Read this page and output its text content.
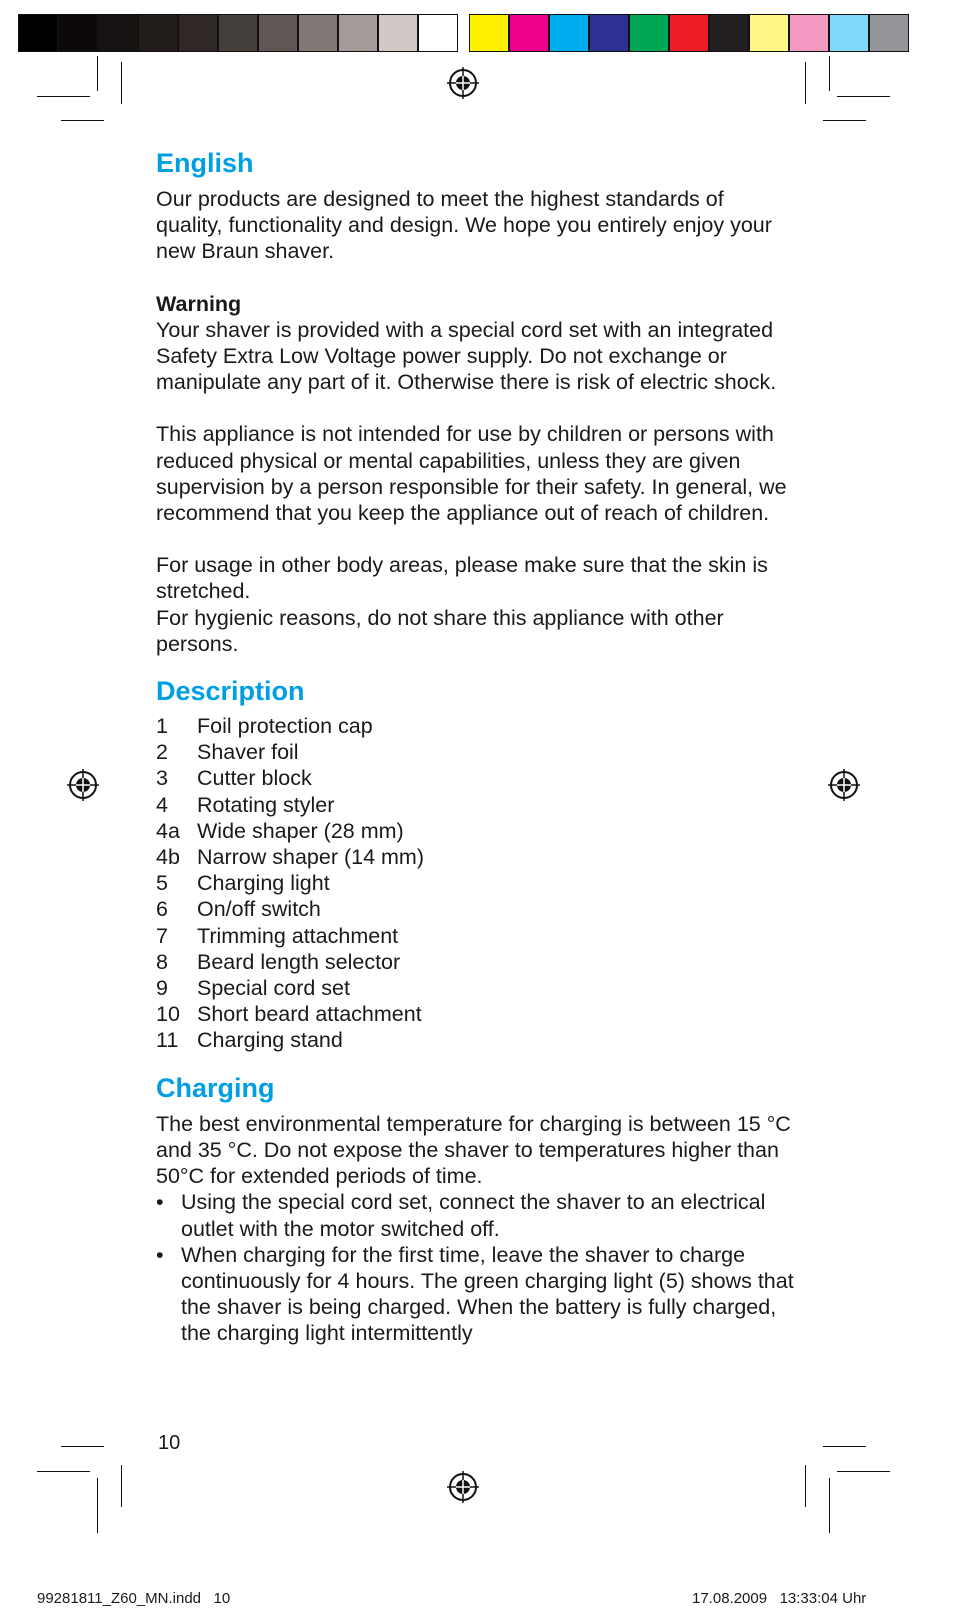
English

Our products are designed to meet the highest standards of quality, functionality and design. We hope you entirely enjoy your new Braun shaver.

Warning

Your shaver is provided with a special cord set with an integrated Safety Extra Low Voltage power supply. Do not exchange or manipulate any part of it. Otherwise there is risk of electric shock.

This appliance is not intended for use by children or persons with reduced physical or mental capabilities, unless they are given supervision by a person responsible for their safety. In general, we recommend that you keep the appliance out of reach of children.

For usage in other body areas, please make sure that the skin is stretched.

For hygienic reasons, do not share this appliance with other persons.

Description
1	Foil protection cap
2	Shaver foil
3	Cutter block
4	Rotating styler
4a Wide shaper (28 mm)
4b Narrow shaper (14 mm)
5	Charging light
6	On/off switch
7	Trimming attachment
8	Beard length selector
9	Special cord set
10 Short beard attachment
11 Charging stand
Charging

The best environmental temperature for charging is between 15 °C and 35 °C. Do not expose the shaver to temperatures higher than 50°C for extended periods of time.

• Using the special cord set, connect the shaver to an electrical outlet with the motor switched off.
• When charging for the first time, leave the shaver to charge continuously for 4 hours. The green charging light (5) shows that the shaver is being charged. When the battery is fully charged, the charging light intermittently
10
99281811_Z60_MN.indd   10	17.08.2009   13:33:04 Uhr
